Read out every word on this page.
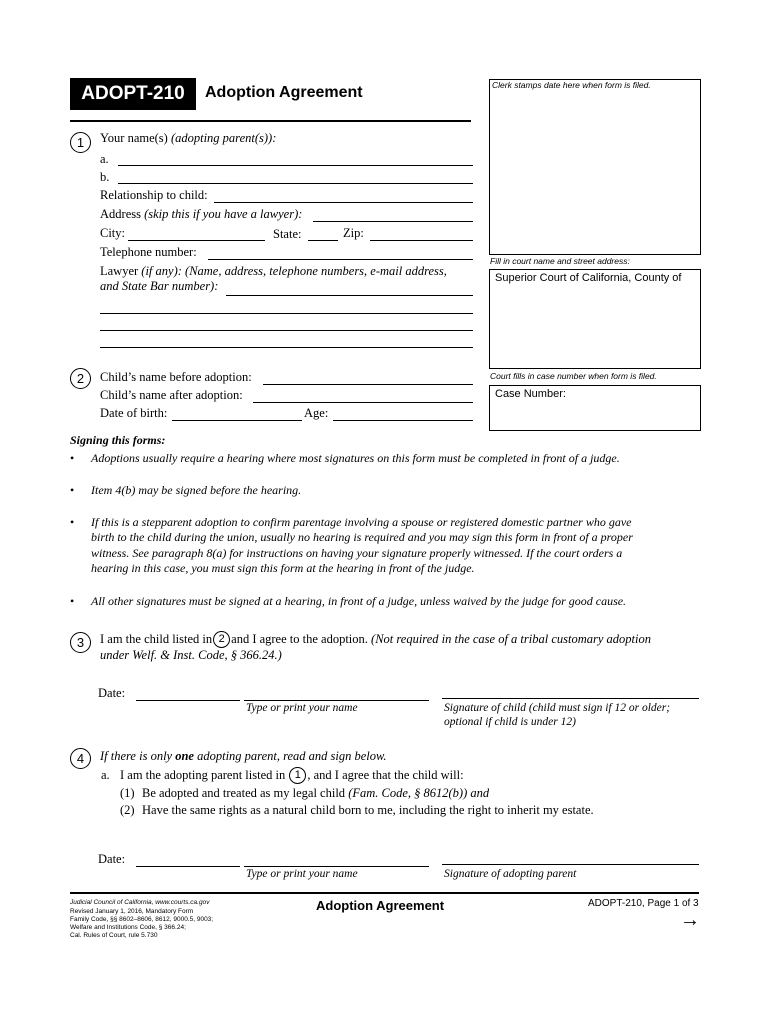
ADOPT-210	Adoption Agreement	Clerk stamps date here when form is filed.
Fill in court name and street address:
Superior Court of California, County of
Court fills in case number when form is filed.
Case Number:
1	Your name(s) (adopting parent(s)):
a.
b.
Relationship to child:
Address (skip this if you have a lawyer):
City:	State:	Zip:
Telephone number:
Lawyer (if any): (Name, address, telephone numbers, e-mail address,
and State Bar number):
2	Child’s name before adoption:
Child’s name after adoption:
Date of birth:	Age:
Signing this forms:
• Adoptions usually require a hearing where most signatures on this form must be completed in front of a judge.
• Item 4(b) may be signed before the hearing.
• If this is a stepparent adoption to confirm parentage involving a spouse or registered domestic partner who gave
birth to the child during the union, usually no hearing is required and you may sign this form in front of a proper
witness. See paragraph 8(a) for instructions on having your signature properly witnessed. If the court orders a
hearing in this case, you must sign this form at the hearing in front of the judge.
• All other signatures must be signed at a hearing, in front of a judge, unless waived by the judge for good cause.
3	I am the child listed in 2 and I agree to the adoption. (Not required in the case of a tribal customary adoption
under Welf. & Inst. Code, § 366.24.)
Date:
Type or print your name	Signature of child (child must sign if 12 or older;
optional if child is under 12)
4	If there is only one adopting parent, read and sign below.
a. I am the adopting parent listed in 1 , and I agree that the child will:
(1) Be adopted and treated as my legal child (Fam. Code, § 8612(b)) and
(2) Have the same rights as a natural child born to me, including the right to inherit my estate.
Date:
Type or print your name	Signature of adopting parent
Judicial Council of California, www.courts.ca.gov
Revised January 1, 2016, Mandatory Form
Family Code, §§ 8602–8606, 8612, 9000.5, 9003;
Welfare and Institutions Code, § 366.24;
Cal. Rules of Court, rule 5.730
Adoption Agreement	ADOPT-210, Page 1 of 3
→
